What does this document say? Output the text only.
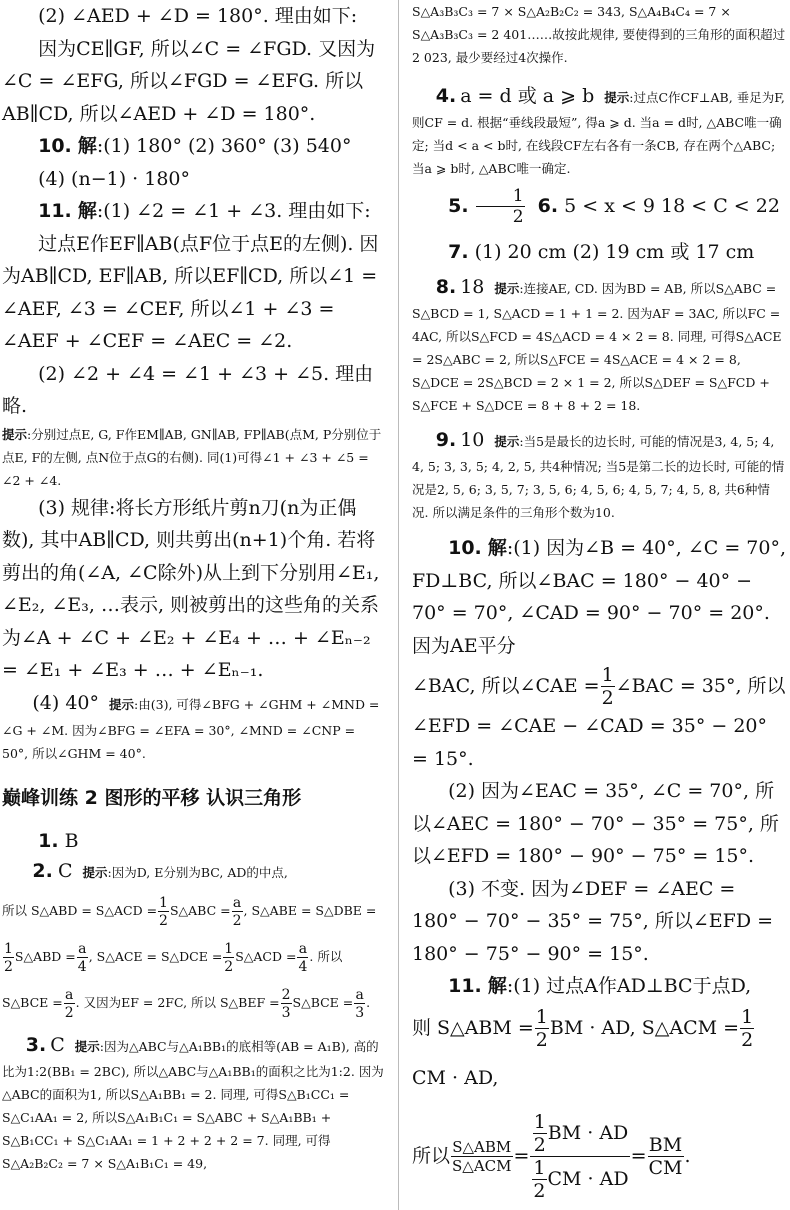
(2) ∠AED + ∠D = 180°. 理由如下:

因为CE∥GF, 所以∠C = ∠FGD. 又因为∠C = ∠EFG, 所以∠FGD = ∠EFG. 所以AB∥CD, 所以∠AED + ∠D = 180°.

10. 解:(1) 180° (2) 360° (3) 540°

(4) (n−1) · 180°

11. 解:(1) ∠2 = ∠1 + ∠3. 理由如下:

过点E作EF∥AB(点F位于点E的左侧). 因为AB∥CD, EF∥AB, 所以EF∥CD, 所以∠1 = ∠AEF, ∠3 = ∠CEF, 所以∠1 + ∠3 = ∠AEF + ∠CEF = ∠AEC = ∠2.

(2) ∠2 + ∠4 = ∠1 + ∠3 + ∠5. 理由略.

提示:分别过点E, G, F作EM∥AB, GN∥AB, FP∥AB(点M, P分别位于点E, F的左侧, 点N位于点G的右侧). 同(1)可得∠1 + ∠3 + ∠5 = ∠2 + ∠4.

(3) 规律:将长方形纸片剪n刀(n为正偶数), 其中AB∥CD, 则共剪出(n+1)个角. 若将剪出的角(∠A, ∠C除外)从上到下分别用∠E₁, ∠E₂, ∠E₃, …表示, 则被剪出的这些角的关系为∠A + ∠C + ∠E₂ + ∠E₄ + … + ∠Eₙ₋₂ = ∠E₁ + ∠E₃ + … + ∠Eₙ₋₁.

(4) 40° 提示:由(3), 可得∠BFG + ∠GHM + ∠MND = ∠G + ∠M. 因为∠BFG = ∠EFA = 30°, ∠MND = ∠CNP = 50°, 所以∠GHM = 40°.

巅峰训练 2 图形的平移 认识三角形

1. B

2. C 提示:因为D, E分别为BC, AD的中点,

所以 S△ABD = S△ACD = $\frac{1}{2}$ S△ABC = $\frac{a}{2}$ , S△ABE = S△DBE =
$\frac{1}{2}$ S△ABD = $\frac{a}{4}$ , S△ACE = S△DCE = $\frac{1}{2}$ S△ACD = $\frac{a}{4}$ . 所以
S△BCE = $\frac{a}{2}$ . 又因为EF = 2FC, 所以 S△BEF = $\frac{2}{3}$ S△BCE = $\frac{a}{3}$ .

3. C 提示:因为△ABC与△A₁BB₁的底相等(AB = A₁B), 高的比为1:2(BB₁ = 2BC), 所以△ABC与△A₁BB₁的面积之比为1:2. 因为△ABC的面积为1, 所以S△A₁BB₁ = 2. 同理, 可得S△B₁CC₁ = S△C₁AA₁ = 2, 所以S△A₁B₁C₁ = S△ABC + S△A₁BB₁ + S△B₁CC₁ + S△C₁AA₁ = 1 + 2 + 2 + 2 = 7. 同理, 可得S△A₂B₂C₂ = 7 × S△A₁B₁C₁ = 49,

S△A₃B₃C₃ = 7 × S△A₂B₂C₂ = 343, S△A₄B₄C₄ = 7 × S△A₃B₃C₃ = 2 401……故按此规律, 要使得到的三角形的面积超过2 023, 最少要经过4次操作.

4. a = d 或 a ⩾ b 提示:过点C作CF⊥AB, 垂足为F, 则CF = d. 根据“垂线段最短”, 得a ⩾ d. 当a = d时, △ABC唯一确定; 当d < a < b时, 在线段CF左右各有一条CB, 存在两个△ABC; 当a ⩾ b时, △ABC唯一确定.

5. $\frac{1}{2} 6$. 5 < x < 9 18 < C < 22

7. (1) 20 cm (2) 19 cm 或 17 cm

8. 18 提示:连接AE, CD. 因为BD = AB, 所以S△ABC = S△BCD = 1, S△ACD = 1 + 1 = 2. 因为AF = 3AC, 所以FC = 4AC, 所以S△FCD = 4S△ACD = 4 × 2 = 8. 同理, 可得S△ACE = 2S△ABC = 2, 所以S△FCE = 4S△ACE = 4 × 2 = 8, S△DCE = 2S△BCD = 2 × 1 = 2, 所以S△DEF = S△FCD + S△FCE + S△DCE = 8 + 8 + 2 = 18.

9. 10 提示:当5是最长的边长时, 可能的情况是3, 4, 5; 4, 4, 5; 3, 3, 5; 4, 2, 5, 共4种情况; 当5是第二长的边长时, 可能的情况是2, 5, 6; 3, 5, 7; 3, 5, 6; 4, 5, 6; 4, 5, 7; 4, 5, 8, 共6种情况. 所以满足条件的三角形个数为10.

10. 解:(1) 因为∠B = 40°, ∠C = 70°, FD⊥BC, 所以∠BAC = 180° − 40° − 70° = 70°, ∠CAD = 90° − 70° = 20°. 因为AE平分

∠BAC, 所以∠CAE = $\frac{1}{2}$ ∠BAC = 35°, 所以

∠EFD = ∠CAE − ∠CAD = 35° − 20° = 15°.

(2) 因为∠EAC = 35°, ∠C = 70°, 所以∠AEC = 180° − 70° − 35° = 75°, 所以∠EFD = 180° − 90° − 75° = 15°.

(3) 不变. 因为∠DEF = ∠AEC = 180° − 70° − 35° = 75°, 所以∠EFD = 180° − 75° − 90° = 15°.

11. 解:(1) 过点A作AD⊥BC于点D,

则 S△ABM = $\frac{1}{2}$ BM · AD, S△ACM = $\frac{1}{2}$
CM · AD,

所以 $\frac{\text{S△ABM}}{\text{S△ACM}} = \frac{\frac{1}{2} BM \cdot AD}{\frac{1}{2} CM \cdot AD} = \frac{BM}{CM}$ .
